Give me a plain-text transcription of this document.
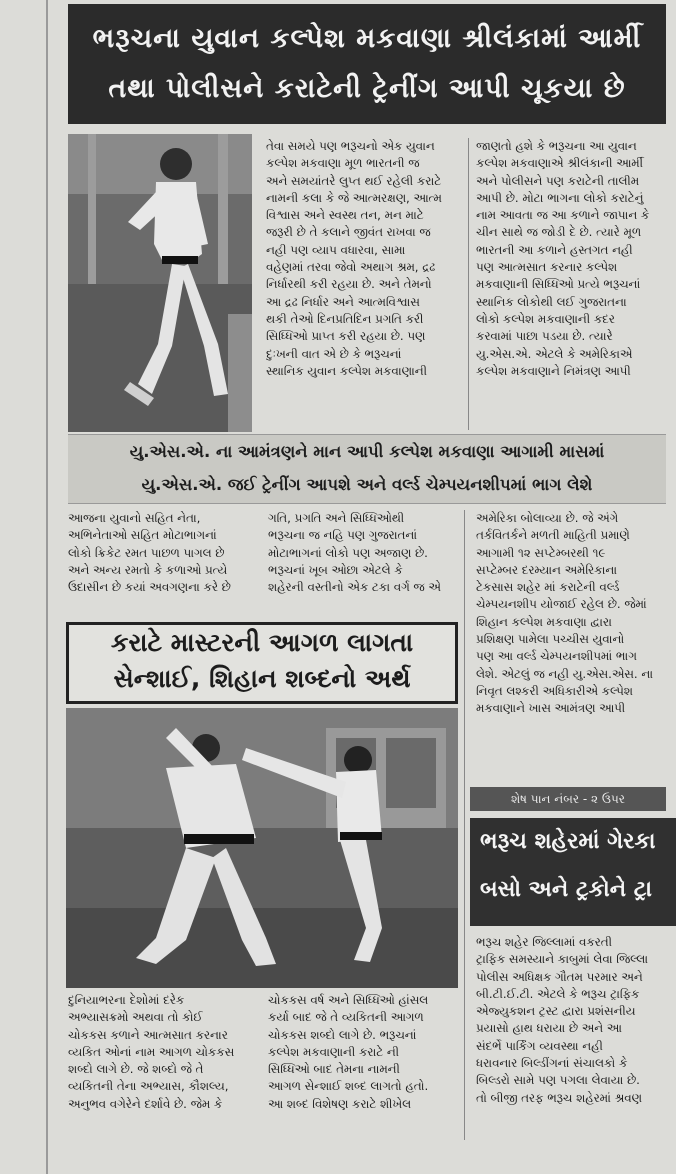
ભરૂચના યુવાન કલ્પેશ મકવાણા શ્રીલંકામાં આર્મી
તથા પોલીસને કરાટેની ટ્રેનીંગ આપી ચૂકયા છે

તેવા સમયે પણ ભરૂચનો એક યુવાન

કલ્પેશ મકવાણા મૂળ ભારતની જ

અને સમયાંતરે લુપ્ત થઈ રહેલી કરાટે

નામની કલા કે જે આત્મરક્ષણ, આત્મ

વિશ્વાસ અને સ્વસ્થ તન, મન માટે

જરૂરી છે તે કલાને જીવંત રાખવા જ

નહી પણ વ્યાપ વધારવા, સામા

વહેણમાં તરવા જેવો અથાગ શ્રમ, દ્રઢ

નિર્ધારથી કરી રહયા છે. અને તેમનો

આ દ્રઢ નિર્ધાર અને આત્મવિશ્વાસ

થકી તેઓ દિનપ્રતિદિન પ્રગતિ કરી

સિધ્ધિઓ પ્રાપ્ત કરી રહયા છે. પણ

દુઃખની વાત એ છે કે ભરૂચનાં

સ્થાનિક યુવાન કલ્પેશ મકવાણાની

જાણતો હશે કે ભરૂચના આ યુવાન

કલ્પેશ મકવાણાએ શ્રીલંકાની આર્મી

અને પોલીસને પણ કરાટેની તાલીમ

આપી છે. મોટા ભાગના લોકો કરાટેનું

નામ આવતા જ આ કળાને જાપાન કે

ચીન સાથે જ જોડી દે છે. ત્યારે મૂળ

ભારતની આ કળાને હસ્તગત નહી

પણ આત્મસાત કરનાર કલ્પેશ

મકવાણાની સિધ્ધિઓ પ્રત્યે ભરૂચનાં

સ્થાનિક લોકોથી લઈ ગુજરાતના

લોકો કલ્પેશ મકવાણાની કદર

કરવામાં પાછા પડયા છે. ત્યારે

યુ.એસ.એ. એટલે કે અમેરિકાએ

કલ્પેશ મકવાણાને નિમંત્રણ આપી

યુ.એસ.એ. ના આમંત્રણને માન આપી કલ્પેશ મકવાણા આગામી માસમાં
યુ.એસ.એ. જઈ ટ્રેનીંગ આપશે અને વર્લ્ડ ચેમ્પયનશીપમાં ભાગ લેશે

આજના યુવાનો સહિત નેતા,

અભિનેતાઓ સહિત મોટાભાગનાં

લોકો ક્રિકેટ રમત પાછળ પાગલ છે

અને અન્ય રમતો કે કળાઓ પ્રત્યે

ઉદાસીન છે કયાં અવગણના કરે છે

ગતિ, પ્રગતિ અને સિધ્ધિઓથી

ભરૂચના જ નહિ પણ ગુજરાતનાં

મોટાભાગનાં લોકો પણ અજાણ છે.

ભરૂચનાં ખૂબ ઓછા એટલે કે

શહેરની વસ્તીનો એક ટકા વર્ગ જ એ

અમેરિકા બોલાવ્યા છે. જે અંગે

તર્કવિતર્કને મળતી માહિતી પ્રમાણે

આગામી ૧૨ સપ્ટેમ્બરથી ૧૯

સપ્ટેમ્બર દરમ્યાન અમેરિકાના

ટેકસાસ શહેર માં કરાટેની વર્લ્ડ

ચેમ્પયનશીપ યોજાઈ રહેલ છે. જેમાં

શિહાન કલ્પેશ મકવાણા દ્વારા

પ્રશિક્ષણ પામેલા પચ્ચીસ યુવાનો

પણ આ વર્લ્ડ ચેમ્પયનશીપમાં ભાગ

લેશે. એટલું જ નહી યુ.એસ.એસ. ના

નિવૃત લશ્કરી અધિકારીએ કલ્પેશ

મકવાણાને ખાસ આમંત્રણ આપી

કરાટે માસ્ટરની આગળ લાગતા
સેન્શાઈ, શિહાન શબ્દનો અર્થ

દુનિયાભરના દેશોમાં દરેક

અભ્યાસક્રમો અથવા તો કોઈ

ચોકકસ કળાને આત્મસાત કરનાર

વ્યકિત ઓનાં નામ આગળ ચોકકસ

શબ્દો લાગે છે. જે શબ્દો જે તે

વ્યકિતની તેના અભ્યાસ, કૌશલ્ય,

અનુભવ વગેરેને દર્શાવે છે. જેમ કે

ચોકકસ વર્ષ અને સિધ્ધિઓ હાંસલ

કર્યા બાદ જે તે વ્યકિતની આગળ

ચોકકસ શબ્દો લાગે છે. ભરૂચનાં

કલ્પેશ મકવાણાની કરાટે ની

સિધ્ધિઓ બાદ તેમના નામની

આગળ સેન્શાઈ શબ્દ લાગતો હતો.

આ શબ્દ વિશેષણ કરાટે શીખેલ

શેષ પાન નંબર - ૨ ઉપર
ભરૂચ શહેરમાં ગેરકા
બસો અને ટ્રકોને ટ્રા

ભરૂચ શહેર જિલ્લામાં વકરતી

ટ્રાફિક સમસ્યાને કાબુમાં લેવા જિલ્લા

પોલીસ અધિક્ષક ગૌતમ પરમાર અને

બી.ટી.ઈ.ટી. એટલે કે ભરૂચ ટ્રાફિક

એજ્યુકશન ટ્રસ્ટ દ્વારા પ્રશંસનીય

પ્રયાસો હાથ ધરાયા છે અને આ

સંદર્ભે પાર્કિંગ વ્યવસ્થા નહી

ધરાવનાર બિલ્ડીંગનાં સંચાલકો કે

બિલ્ડરો સામે પણ પગલા લેવાયા છે.

તો બીજી તરફ ભરૂચ શહેરમાં શ્રવણ
